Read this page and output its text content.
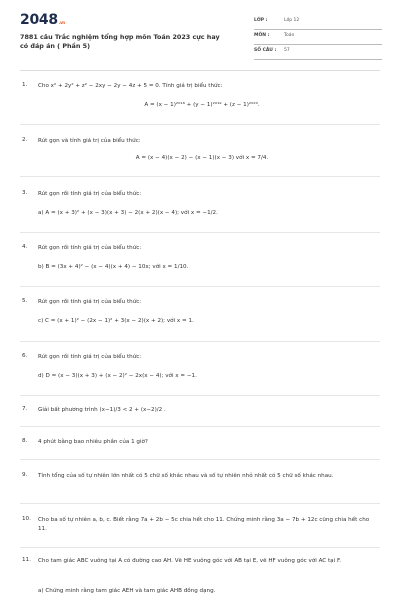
2048.vn
7881 câu Trắc nghiệm tổng hợp môn Toán 2023 cực hay có đáp án ( Phần 5)
LỚP :	Lớp 12
MÔN :	Toán
SỐ CÂU : 57
1. Cho x² + 2y² + z² − 2xy − 2y − 4z + 5 = 0. Tính giá trị biểu thức:
A = (x − 1)²⁰¹⁸ + (y − 1)²⁰¹⁹ + (z − 1)²⁰²⁰.
2. Rút gọn và tính giá trị của biểu thức:
A = (x − 4)(x − 2) − (x − 1)(x − 3) với x = 7/4.
3. Rút gọn rồi tính giá trị của biểu thức:
a) A = (x + 3)² + (x − 3)(x + 3) − 2(x + 2)(x − 4); với x = −1/2.
4. Rút gọn rồi tính giá trị của biểu thức:
b) B = (3x + 4)² − (x − 4)(x + 4) − 10x; với x = 1/10.
5. Rút gọn rồi tính giá trị của biểu thức:
c) C = (x + 1)² − (2x − 1)² + 3(x − 2)(x + 2); với x = 1.
6. Rút gọn rồi tính giá trị của biểu thức:
d) D = (x − 3)(x + 3) + (x − 2)² − 2x(x − 4); với x = −1.
7. Giải bất phương trình (x−1)/3 < 2 + (x−2)/2 .
8. 4 phút bằng bao nhiêu phần của 1 giờ?
9. Tính tổng của số tự nhiên lớn nhất có 5 chữ số khác nhau và số tự nhiên nhỏ nhất có 5 chữ số khác nhau.
10. Cho ba số tự nhiên a, b, c. Biết rằng 7a + 2b − 5c chia hết cho 11. Chứng minh rằng 3a − 7b + 12c cũng chia hết cho 11.
11. Cho tam giác ABC vuông tại A có đường cao AH. Vẽ HE vuông góc với AB tại E, vẽ HF vuông góc với AC tại F.
a) Chứng minh rằng tam giác AEH và tam giác AHB đồng dạng.
